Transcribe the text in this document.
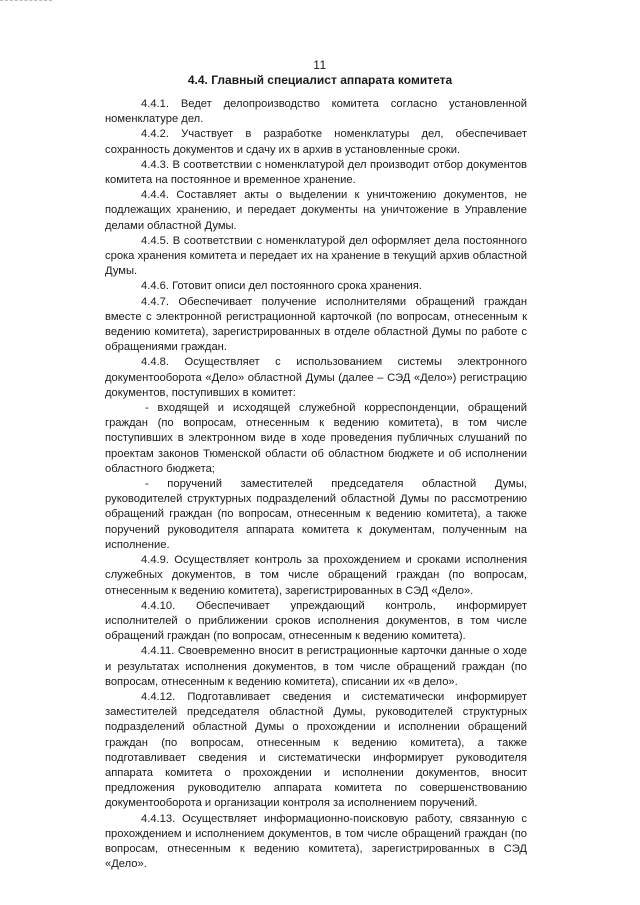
11
4.4. Главный специалист аппарата комитета

4.4.1. Ведет делопроизводство комитета согласно установленной номенклатуре дел.

4.4.2. Участвует в разработке номенклатуры дел, обеспечивает сохранность документов и сдачу их в архив в установленные сроки.

4.4.3. В соответствии с номенклатурой дел производит отбор документов комитета на постоянное и временное хранение.

4.4.4. Составляет акты о выделении к уничтожению документов, не подлежащих хранению, и передает документы на уничтожение в Управление делами областной Думы.

4.4.5. В соответствии с номенклатурой дел оформляет дела постоянного срока хранения комитета и передает их на хранение в текущий архив областной Думы.

4.4.6. Готовит описи дел постоянного срока хранения.

4.4.7. Обеспечивает получение исполнителями обращений граждан вместе с электронной регистрационной карточкой (по вопросам, отнесенным к ведению комитета), зарегистрированных в отделе областной Думы по работе с обращениями граждан.

4.4.8. Осуществляет с использованием системы электронного документооборота «Дело» областной Думы (далее – СЭД «Дело») регистрацию документов, поступивших в комитет:

- входящей и исходящей служебной корреспонденции, обращений граждан (по вопросам, отнесенным к ведению комитета), в том числе поступивших в электронном виде в ходе проведения публичных слушаний по проектам законов Тюменской области об областном бюджете и об исполнении областного бюджета;

- поручений заместителей председателя областной Думы, руководителей структурных подразделений областной Думы по рассмотрению обращений граждан (по вопросам, отнесенным к ведению комитета), а также поручений руководителя аппарата комитета к документам, полученным на исполнение.

4.4.9. Осуществляет контроль за прохождением и сроками исполнения служебных документов, в том числе обращений граждан (по вопросам, отнесенным к ведению комитета), зарегистрированных в СЭД «Дело».

4.4.10. Обеспечивает упреждающий контроль, информирует исполнителей о приближении сроков исполнения документов, в том числе обращений граждан (по вопросам, отнесенным к ведению комитета).

4.4.11. Своевременно вносит в регистрационные карточки данные о ходе и результатах исполнения документов, в том числе обращений граждан (по вопросам, отнесенным к ведению комитета), списании их «в дело».

4.4.12. Подготавливает сведения и систематически информирует заместителей председателя областной Думы, руководителей структурных подразделений областной Думы о прохождении и исполнении обращений граждан (по вопросам, отнесенным к ведению комитета), а также подготавливает сведения и систематически информирует руководителя аппарата комитета о прохождении и исполнении документов, вносит предложения руководителю аппарата комитета по совершенствованию документооборота и организации контроля за исполнением поручений.

4.4.13. Осуществляет информационно-поисковую работу, связанную с прохождением и исполнением документов, в том числе обращений граждан (по вопросам, отнесенным к ведению комитета), зарегистрированных в СЭД «Дело».
